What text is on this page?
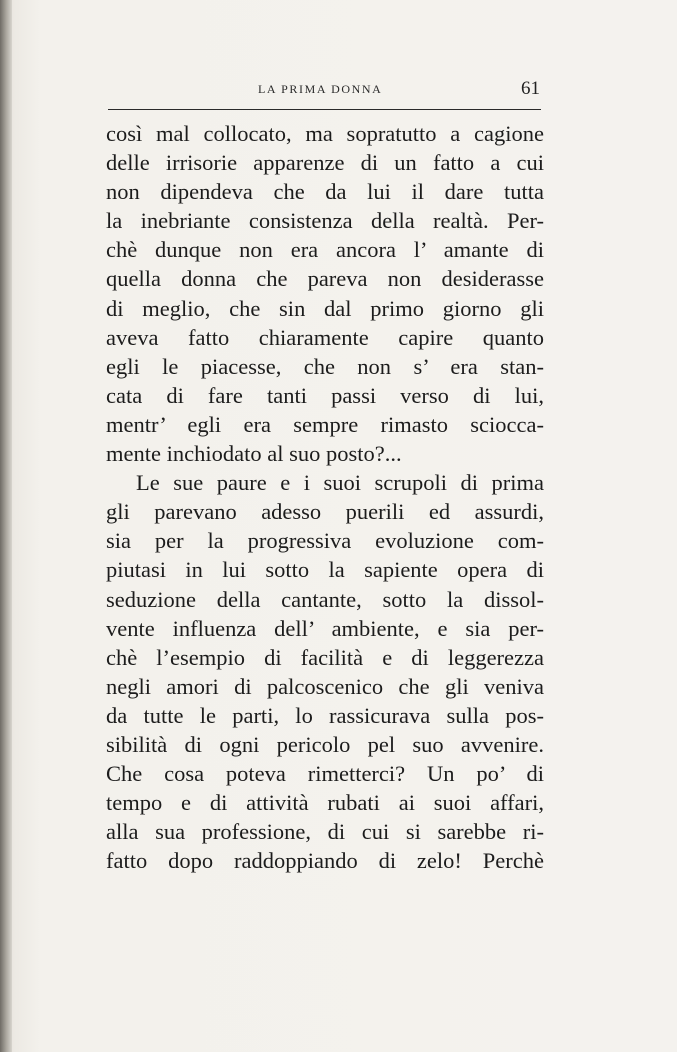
LA PRIMA DONNA	61
così mal collocato, ma sopratutto a cagione
delle irrisorie apparenze di un fatto a cui
non dipendeva che da lui il dare tutta
la inebriante consistenza della realtà. Per-
chè dunque non era ancora l’ amante di
quella donna che pareva non desiderasse
di meglio, che sin dal primo giorno gli
aveva fatto chiaramente capire quanto
egli le piacesse, che non s’ era stan-
cata di fare tanti passi verso di lui,
mentr’ egli era sempre rimasto sciocca-
mente inchiodato al suo posto?...
Le sue paure e i suoi scrupoli di prima
gli parevano adesso puerili ed assurdi,
sia per la progressiva evoluzione com-
piutasi in lui sotto la sapiente opera di
seduzione della cantante, sotto la dissol-
vente influenza dell’ ambiente, e sia per-
chè l’esempio di facilità e di leggerezza
negli amori di palcoscenico che gli veniva
da tutte le parti, lo rassicurava sulla pos-
sibilità di ogni pericolo pel suo avvenire.
Che cosa poteva rimetterci? Un po’ di
tempo e di attività rubati ai suoi affari,
alla sua professione, di cui si sarebbe ri-
fatto dopo raddoppiando di zelo! Perchè
